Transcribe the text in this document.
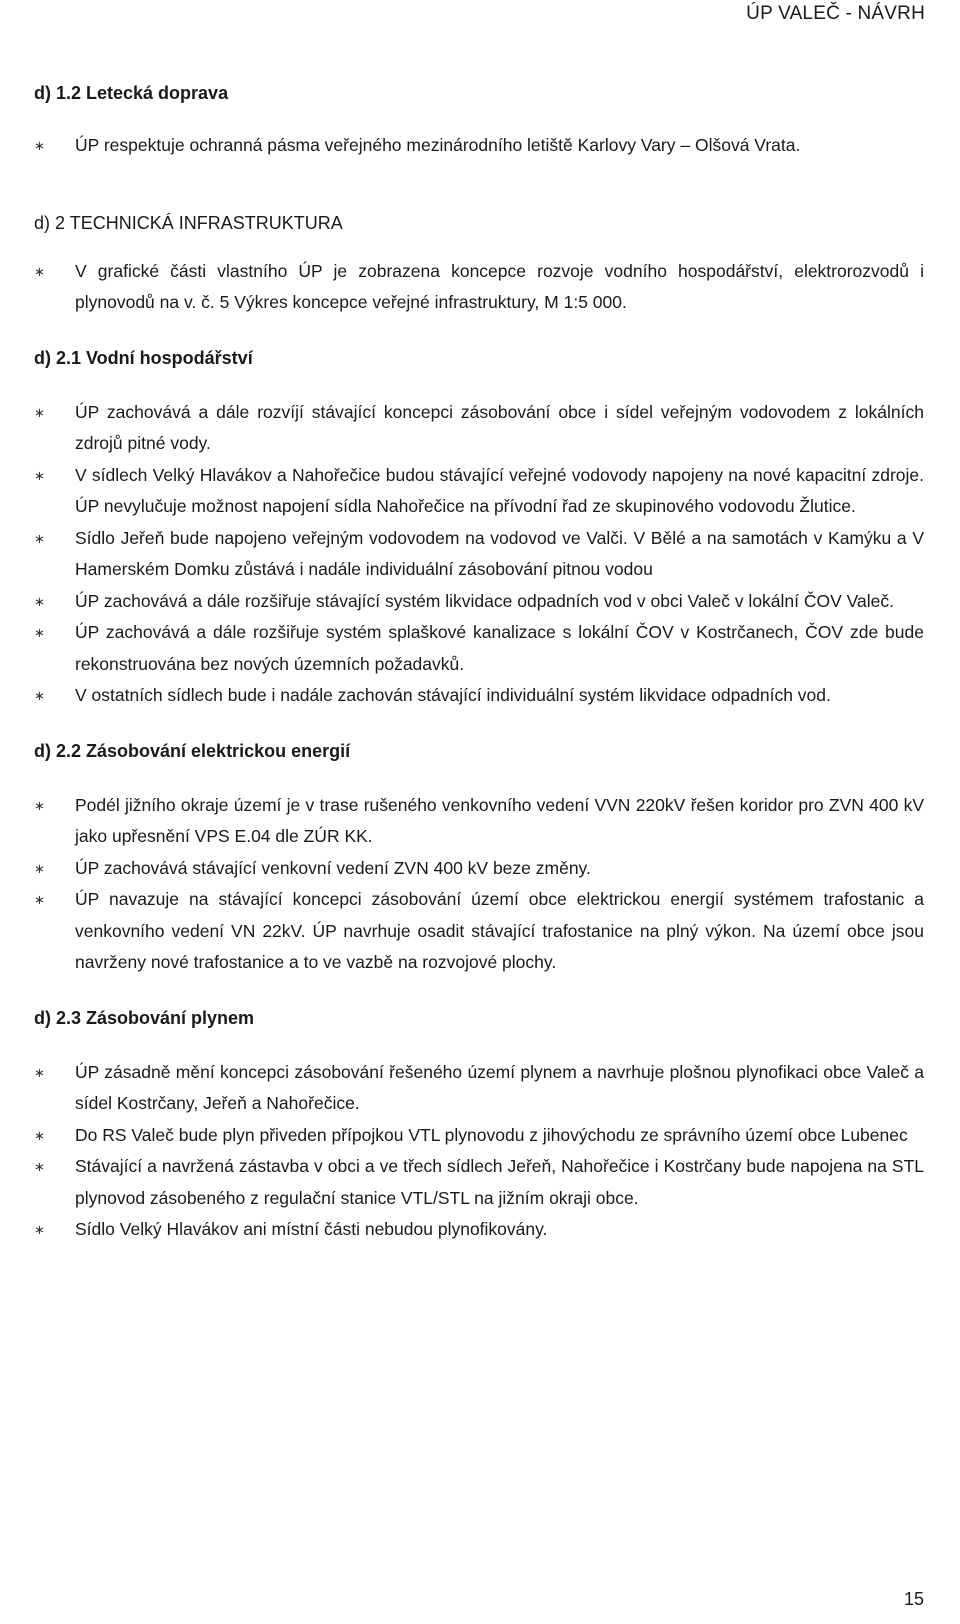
ÚP VALEČ - NÁVRH
d) 1.2 Letecká doprava
∗ ÚP respektuje ochranná pásma veřejného mezinárodního letiště Karlovy Vary – Olšová Vrata.
d) 2 TECHNICKÁ INFRASTRUKTURA
∗ V grafické části vlastního ÚP je zobrazena koncepce rozvoje vodního hospodářství, elektrorozvodů i plynovodů na v. č. 5 Výkres koncepce veřejné infrastruktury, M 1:5 000.
d) 2.1 Vodní hospodářství
∗ ÚP zachovává a dále rozvíjí stávající koncepci zásobování obce i sídel veřejným vodovodem z lokálních zdrojů pitné vody.
∗ V sídlech Velký Hlavákov a Nahořečice budou stávající veřejné vodovody napojeny na nové kapacitní zdroje. ÚP nevylučuje možnost napojení sídla Nahořečice na přívodní řad ze skupinového vodovodu Žlutice.
∗ Sídlo Jeřeň bude napojeno veřejným vodovodem na vodovod ve Valči. V Bělé a na samotách v Kamýku a V Hamerském Domku zůstává i nadále individuální zásobování pitnou vodou
∗ ÚP zachovává a dále rozšiřuje stávající systém likvidace odpadních vod v obci Valeč v lokální ČOV Valeč.
∗ ÚP zachovává a dále rozšiřuje systém splaškové kanalizace s lokální ČOV v Kostrčanech, ČOV zde bude rekonstruována bez nových územních požadavků.
∗ V ostatních sídlech bude i nadále zachován stávající individuální systém likvidace odpadních vod.
d) 2.2 Zásobování elektrickou energií
∗ Podél jižního okraje území je v trase rušeného venkovního vedení VVN 220kV řešen koridor pro ZVN 400 kV jako upřesnění VPS E.04 dle ZÚR KK.
∗ ÚP zachovává stávající venkovní vedení ZVN 400 kV beze změny.
∗ ÚP navazuje na stávající koncepci zásobování území obce elektrickou energií systémem trafostanic a venkovního vedení VN 22kV. ÚP navrhuje osadit stávající trafostanice na plný výkon. Na území obce jsou navrženy nové trafostanice a to ve vazbě na rozvojové plochy.
d) 2.3 Zásobování plynem
∗ ÚP zásadně mění koncepci zásobování řešeného území plynem a navrhuje plošnou plynofikaci obce Valeč a sídel Kostrčany, Jeřeň a Nahořečice.
∗ Do RS Valeč bude plyn přiveden přípojkou VTL plynovodu z jihovýchodu ze správního území obce Lubenec
∗ Stávající a navržená zástavba v obci a ve třech sídlech Jeřeň, Nahořečice i Kostrčany bude napojena na STL plynovod zásobeného z regulační stanice VTL/STL na jižním okraji obce.
∗ Sídlo Velký Hlavákov ani místní části nebudou plynofikovány.
15
